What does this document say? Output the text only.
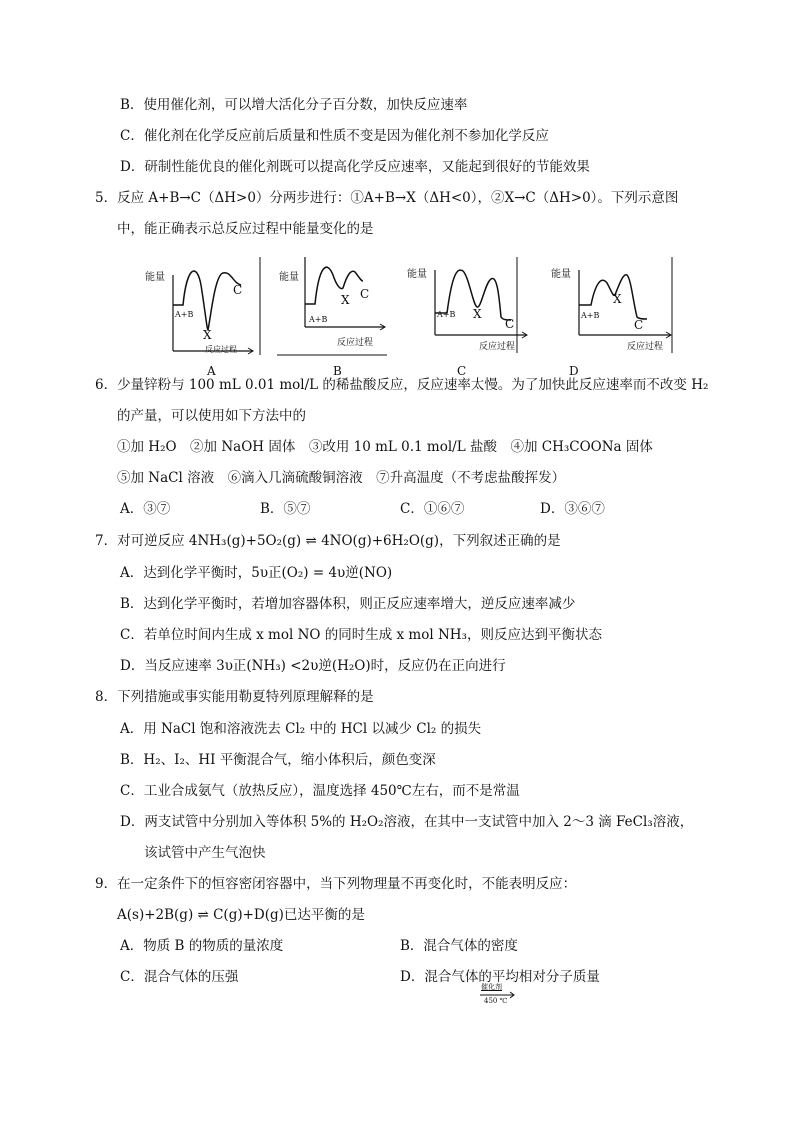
B．使用催化剂，可以增大活化分子百分数，加快反应速率
C．催化剂在化学反应前后质量和性质不变是因为催化剂不参加化学反应
D．研制性能优良的催化剂既可以提高化学反应速率，又能起到很好的节能效果
5．反应 A+B→C（ΔH>0）分两步进行：①A+B→X（ΔH<0），②X→C（ΔH>0）。下列示意图
中，能正确表示总反应过程中能量变化的是
能量
A+B
X
C
反应过程
A
能量
A+B
X C
反应过程
B
能量
A+B X
C
反应过程
C
能量
A+B
X
C
反应过程
D
6．少量锌粉与 100 mL 0.01 mol/L 的稀盐酸反应，反应速率太慢。为了加快此反应速率而不改变 H₂
的产量，可以使用如下方法中的
①加 H₂O　②加 NaOH 固体　③改用 10 mL 0.1 mol/L 盐酸　④加 CH₃COONa 固体
⑤加 NaCl 溶液　⑥滴入几滴硫酸铜溶液　⑦升高温度（不考虑盐酸挥发）
A．③⑦	B．⑤⑦	C．①⑥⑦	D．③⑥⑦
7．对可逆反应 4NH₃(g)+5O₂(g) ⇌ 4NO(g)+6H₂O(g)，下列叙述正确的是
A．达到化学平衡时，5υ正(O₂) = 4υ逆(NO)
B．达到化学平衡时，若增加容器体积，则正反应速率增大，逆反应速率减少
C．若单位时间内生成 x mol NO 的同时生成 x mol NH₃，则反应达到平衡状态
D．当反应速率 3υ正(NH₃) <2υ逆(H₂O)时，反应仍在正向进行
8．下列措施或事实能用勒夏特列原理解释的是
A．用 NaCl 饱和溶液洗去 Cl₂ 中的 HCl 以减少 Cl₂ 的损失
B．H₂、I₂、HI 平衡混合气，缩小体积后，颜色变深
C．工业合成氨气（放热反应），温度选择 450℃左右，而不是常温
D．两支试管中分别加入等体积 5%的 H₂O₂溶液，在其中一支试管中加入 2～3 滴 FeCl₃溶液，
该试管中产生气泡快
9．在一定条件下的恒容密闭容器中，当下列物理量不再变化时，不能表明反应：
A(s)+2B(g) ⇌ C(g)+D(g)已达平衡的是
A．物质 B 的物质的量浓度	B．混合气体的密度
C．混合气体的压强	D．混合气体的平均相对分子质量
催化剂
450 ℃
